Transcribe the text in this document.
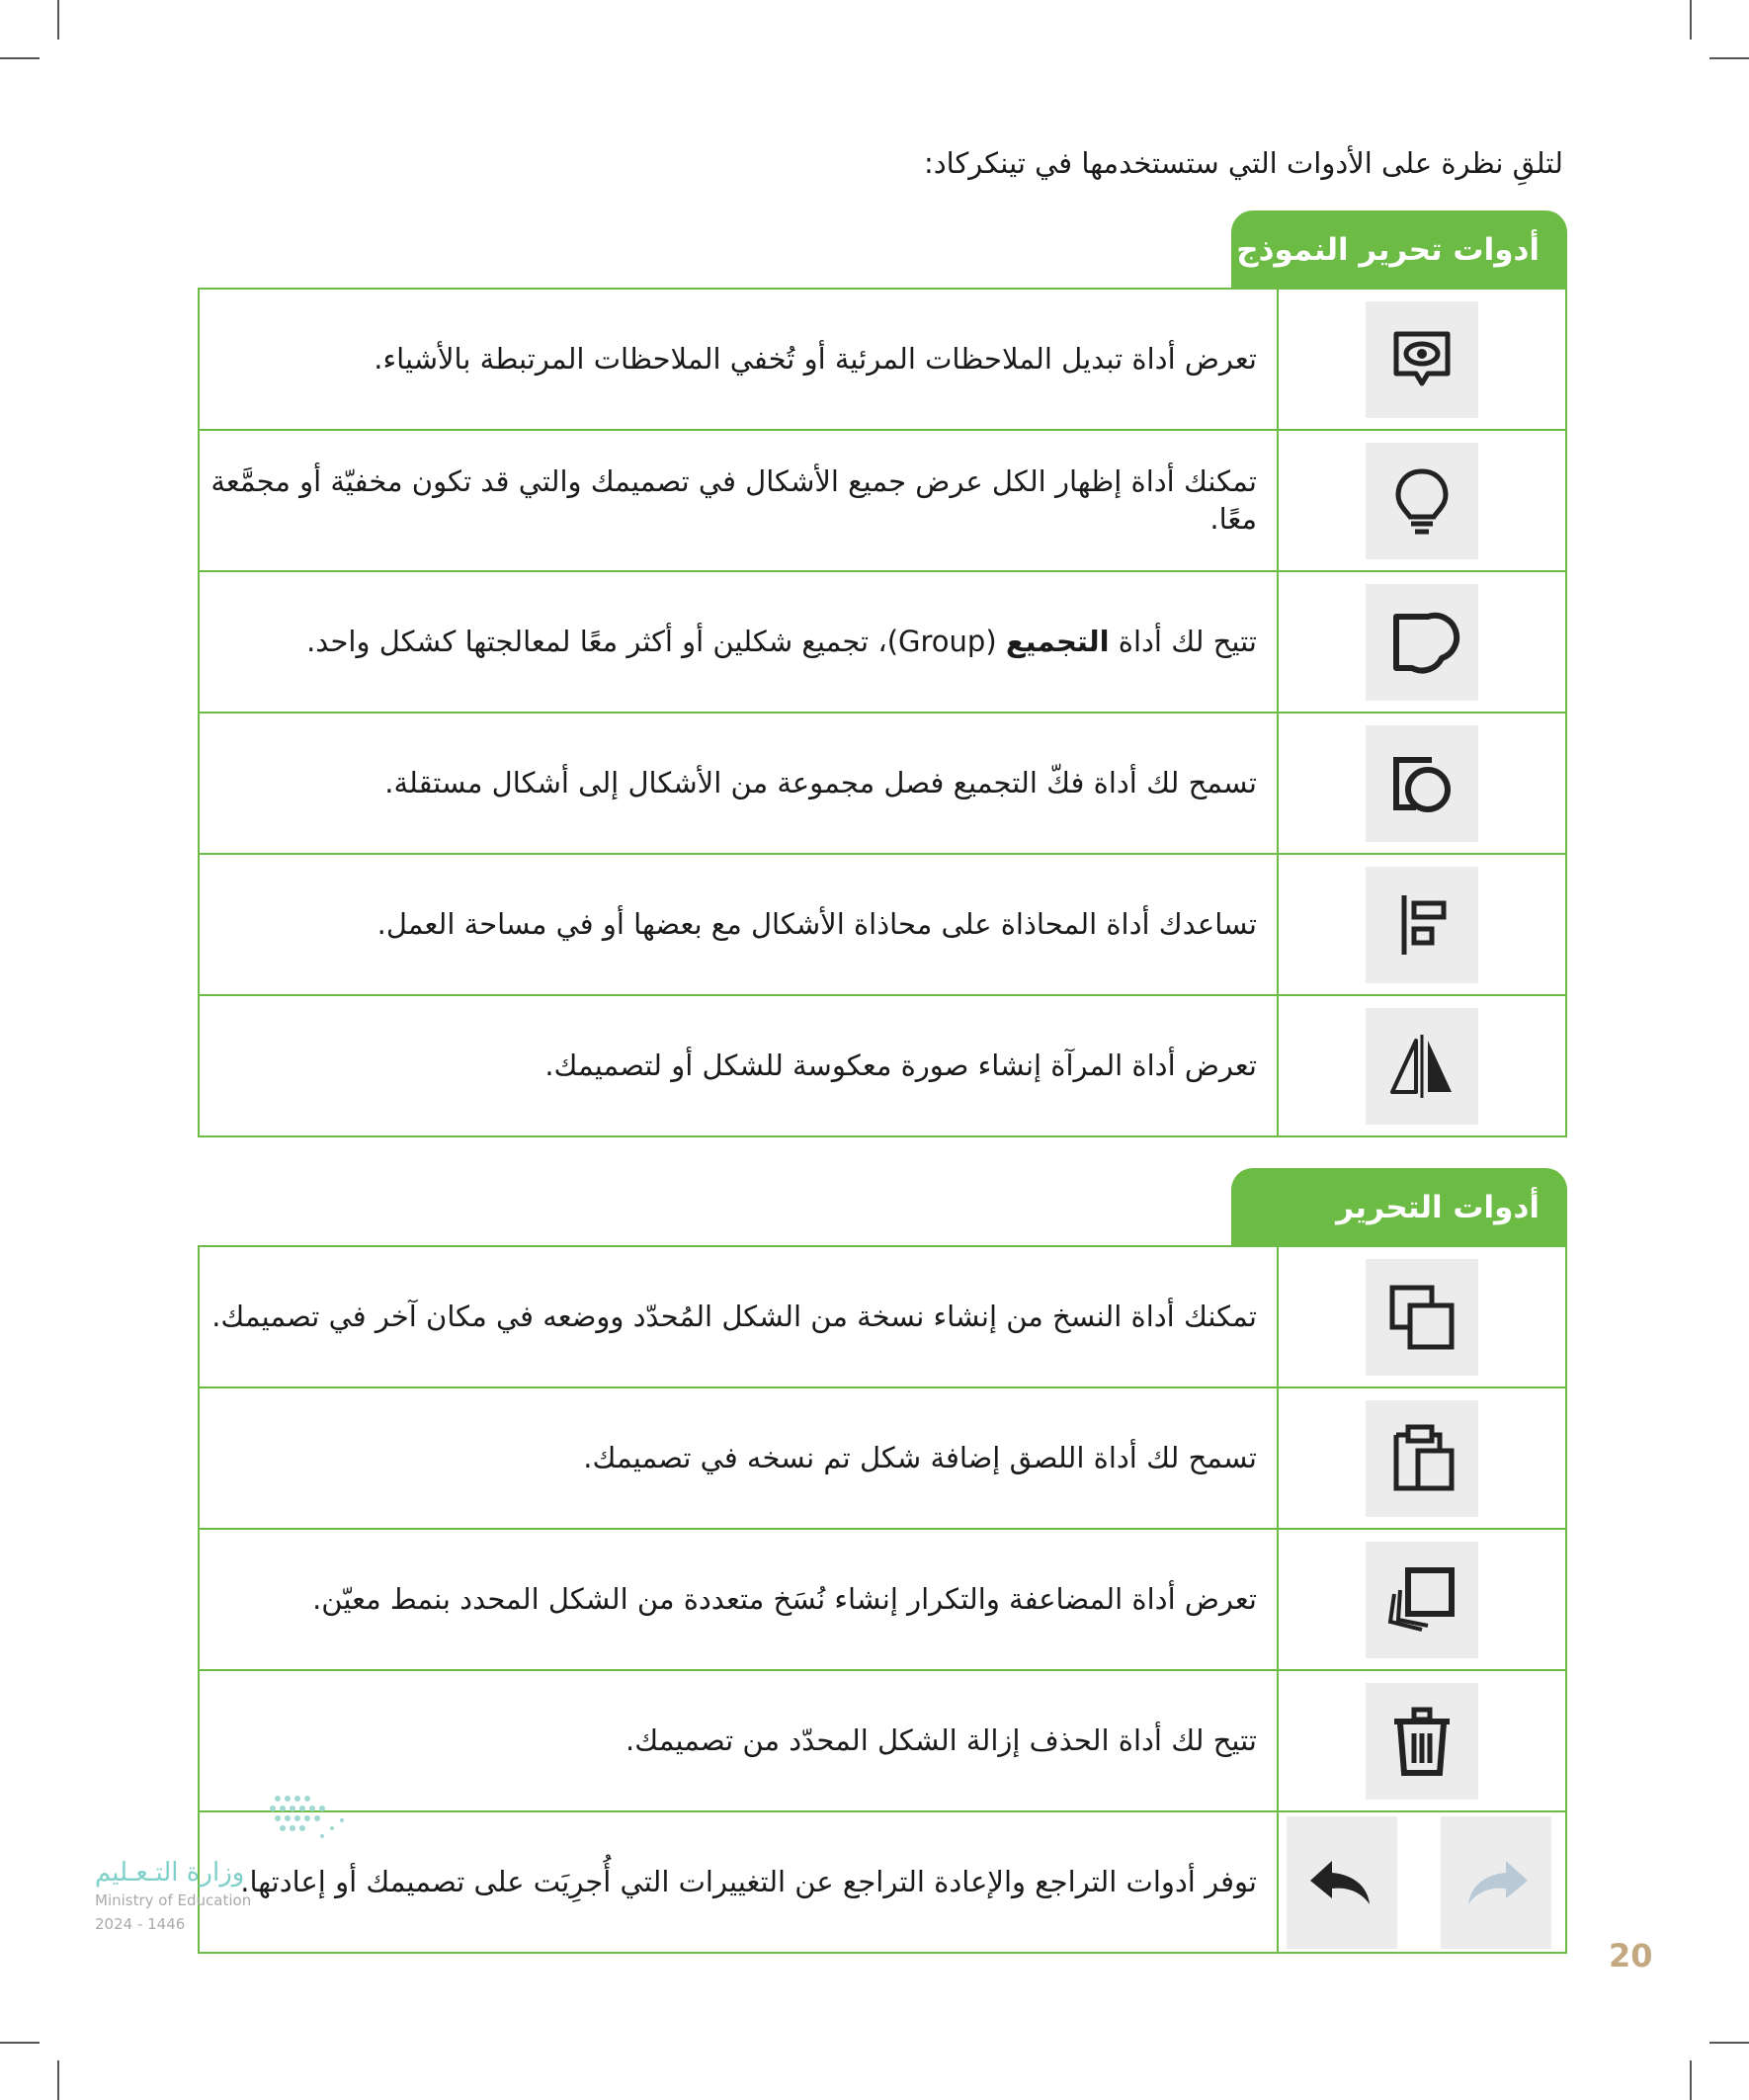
لتلقِ نظرة على الأدوات التي ستستخدمها في تينكركاد:
أدوات تحرير النموذج
تعرض أداة تبديل الملاحظات المرئية أو تُخفي الملاحظات المرتبطة بالأشياء.	

تمكنك أداة إظهار الكل عرض جميع الأشكال في تصميمك والتي قد تكون مخفيّة أو مجمَّعة معًا.	

تتيح لك أداة التجميع (Group)، تجميع شكلين أو أكثر معًا لمعالجتها كشكل واحد.	

تسمح لك أداة فكّ التجميع فصل مجموعة من الأشكال إلى أشكال مستقلة.	

تساعدك أداة المحاذاة على محاذاة الأشكال مع بعضها أو في مساحة العمل.	

تعرض أداة المرآة إنشاء صورة معكوسة للشكل أو لتصميمك.	
أدوات التحرير
تمكنك أداة النسخ من إنشاء نسخة من الشكل المُحدّد ووضعه في مكان آخر في تصميمك.	

تسمح لك أداة اللصق إضافة شكل تم نسخه في تصميمك.	

تعرض أداة المضاعفة والتكرار إنشاء نُسَخ متعددة من الشكل المحدد بنمط معيّن.	

تتيح لك أداة الحذف إزالة الشكل المحدّد من تصميمك.	

توفر أدوات التراجع والإعادة التراجع عن التغييرات التي أُجرِيَت على تصميمك أو إعادتها.	
وزارة التـعـليم
Ministry of Education
2024 - 1446
20
